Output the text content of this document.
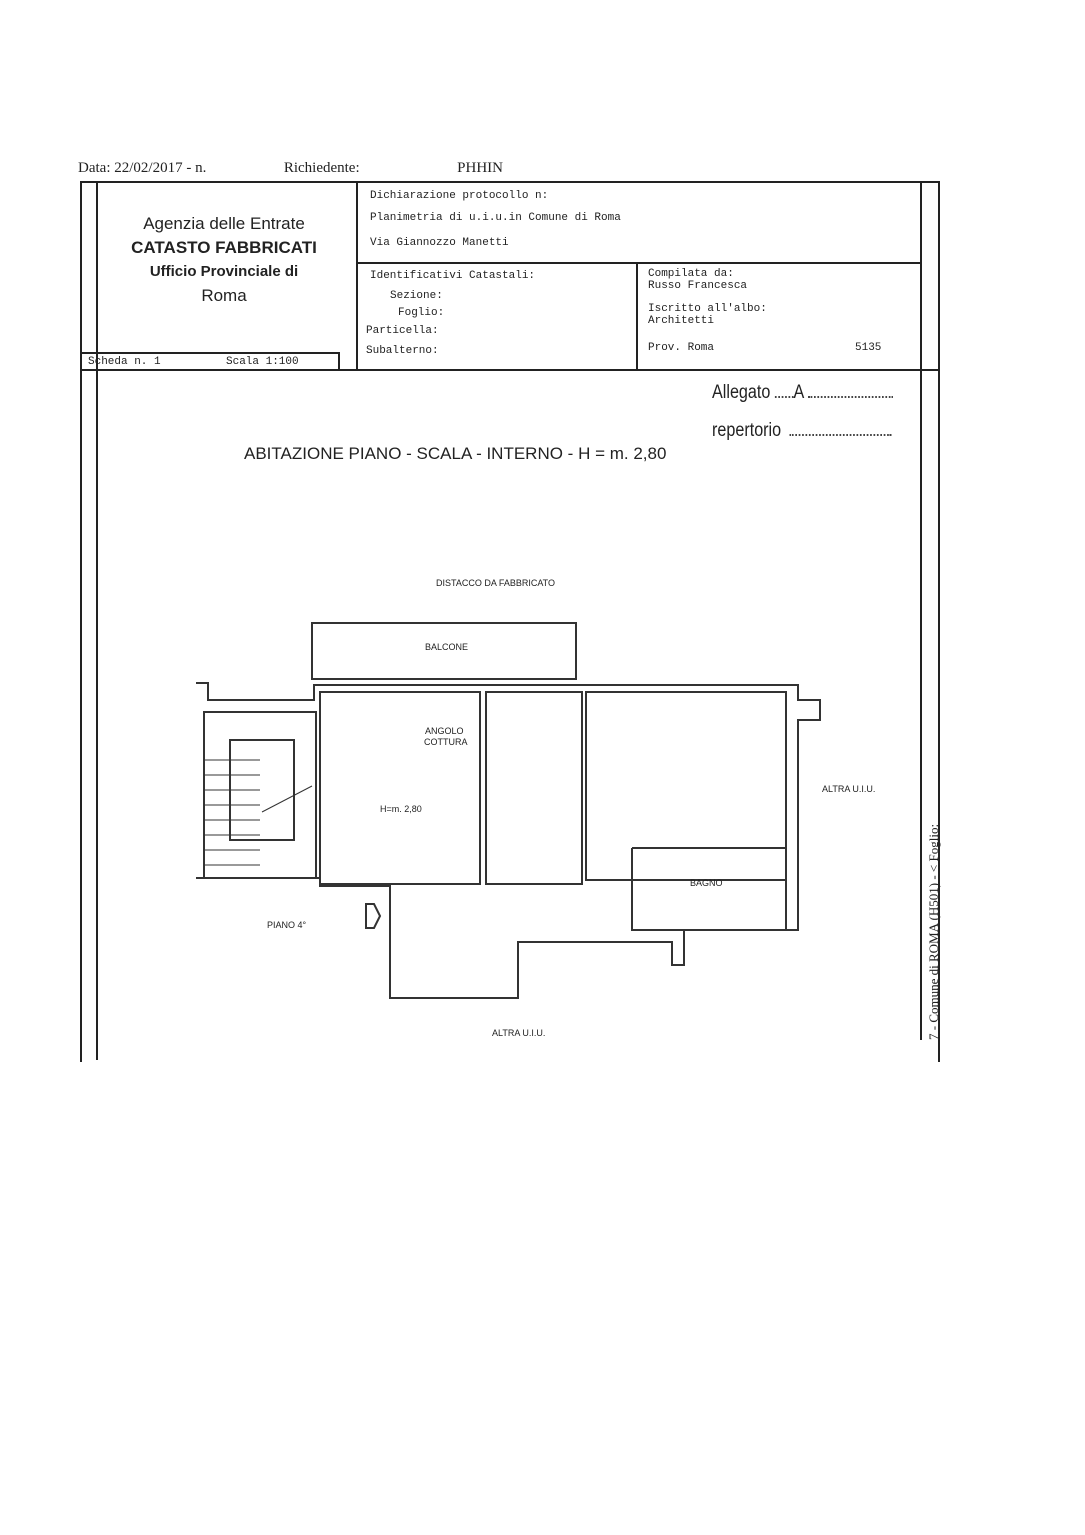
Data: 22/02/2017 - n.	Richiedente:	PHHIN
Agenzia delle Entrate
CATASTO FABBRICATI
Ufficio Provinciale di
Roma
Dichiarazione protocollo n:
Planimetria di u.i.u.in Comune di Roma
Via Giannozzo Manetti
Identificativi Catastali:
Sezione:
Foglio:
Particella:
Subalterno:
Compilata da:
Russo Francesca
Iscritto all'albo:
Architetti
Prov. Roma	5135
Scheda n. 1	Scala 1:100
Allegato A
repertorio
ABITAZIONE PIANO - SCALA - INTERNO - H = m. 2,80
DISTACCO DA FABBRICATO
BALCONE
ANGOLO
COTTURA
H=m. 2,80
ALTRA U.I.U.
BAGNO
PIANO 4°
ALTRA U.I.U.	7 - Comune di ROMA (H501) - < Foglio:
